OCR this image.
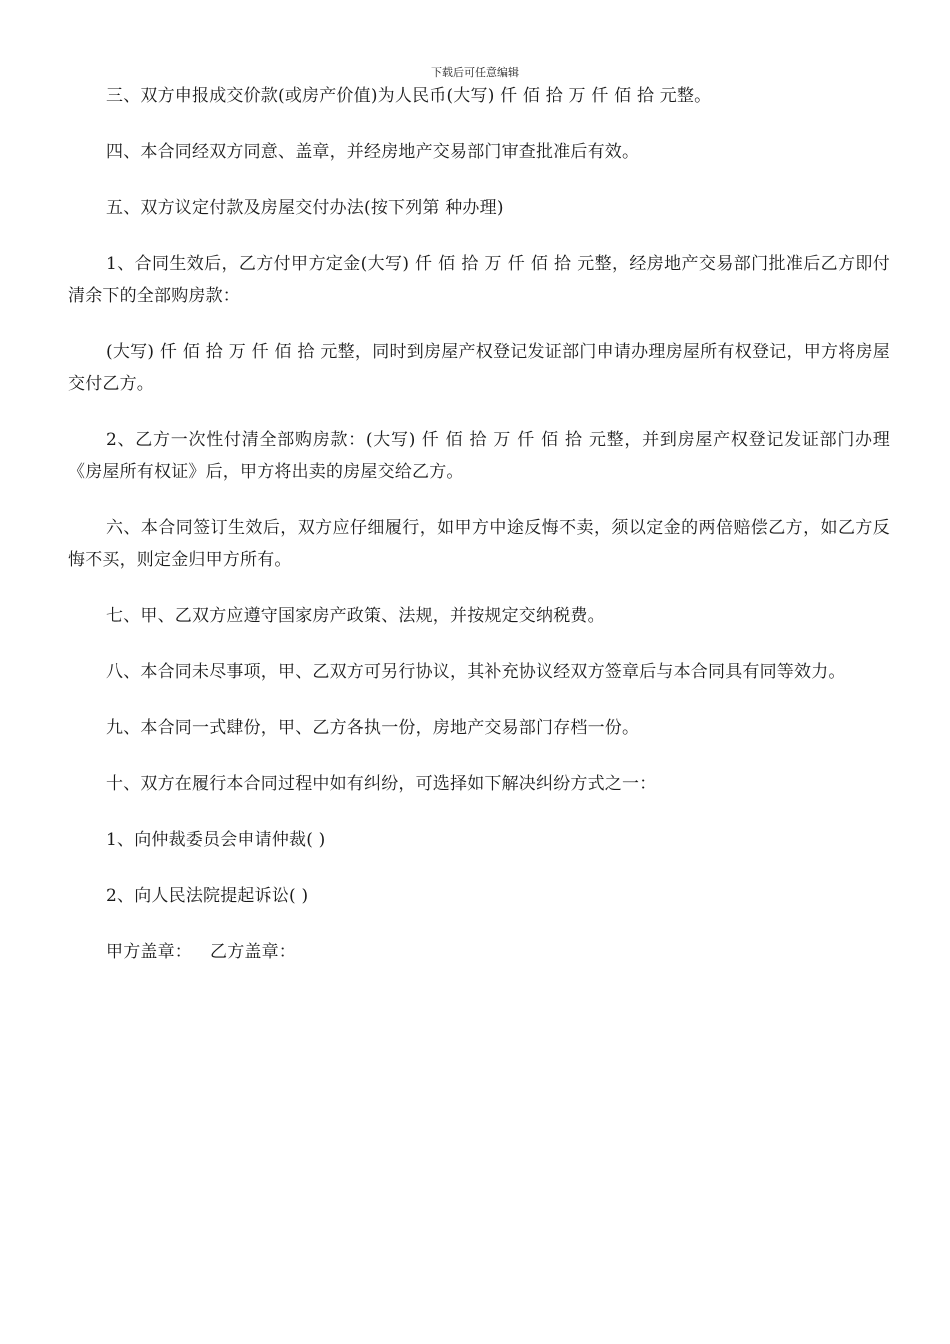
下载后可任意编辑

三、双方申报成交价款(或房产价值)为人民币(大写) 仟 佰 拾 万 仟 佰 拾 元整。

四、本合同经双方同意、盖章，并经房地产交易部门审查批准后有效。

五、双方议定付款及房屋交付办法(按下列第 种办理)

1、合同生效后，乙方付甲方定金(大写) 仟 佰 拾 万 仟 佰 拾 元整，经房地产交易部门批准后乙方即付清余下的全部购房款：

(大写) 仟 佰 拾 万 仟 佰 拾 元整，同时到房屋产权登记发证部门申请办理房屋所有权登记，甲方将房屋交付乙方。

2、乙方一次性付清全部购房款：(大写) 仟 佰 拾 万 仟 佰 拾 元整，并到房屋产权登记发证部门办理《房屋所有权证》后，甲方将出卖的房屋交给乙方。

六、本合同签订生效后，双方应仔细履行，如甲方中途反悔不卖，须以定金的两倍赔偿乙方，如乙方反悔不买，则定金归甲方所有。

七、甲、乙双方应遵守国家房产政策、法规，并按规定交纳税费。

八、本合同未尽事项，甲、乙双方可另行协议，其补充协议经双方签章后与本合同具有同等效力。

九、本合同一式肆份，甲、乙方各执一份，房地产交易部门存档一份。

十、双方在履行本合同过程中如有纠纷，可选择如下解决纠纷方式之一：

1、向仲裁委员会申请仲裁( )

2、向人民法院提起诉讼( )

甲方盖章： 乙方盖章：
